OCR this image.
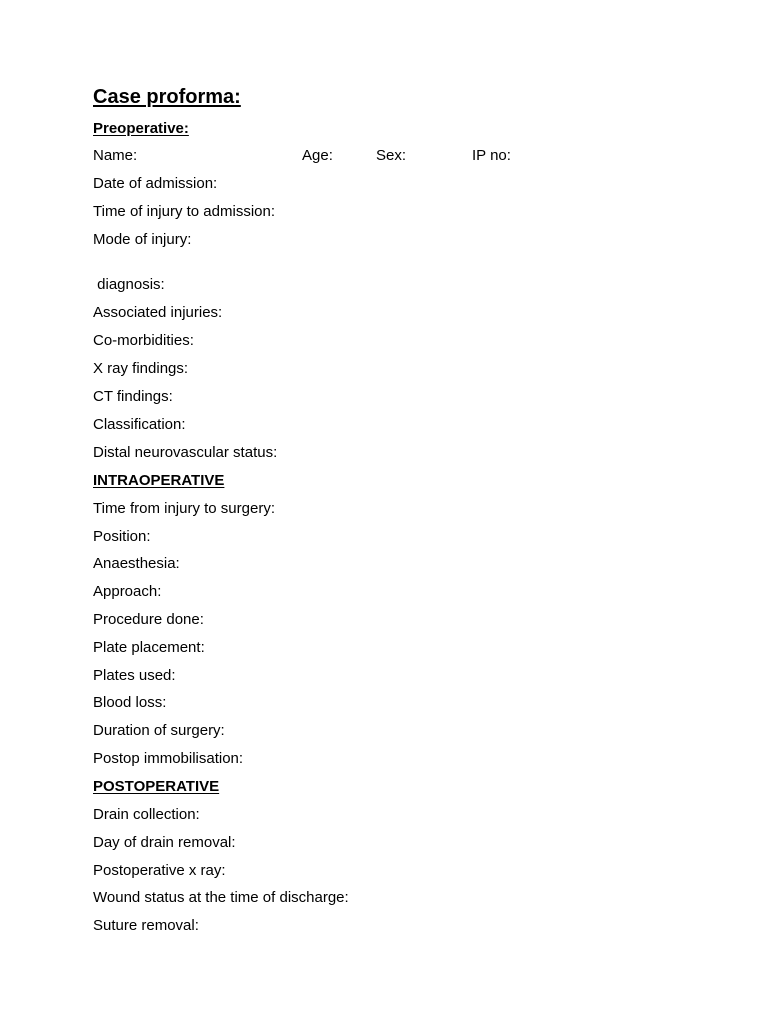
Case proforma:
Preoperative:
Name:	Age:	Sex:	IP no:
Date of admission:
Time of injury to admission:
Mode of injury:
diagnosis:
Associated injuries:
Co-morbidities:
X ray findings:
CT findings:
Classification:
Distal neurovascular status:
INTRAOPERATIVE
Time from injury to surgery:
Position:
Anaesthesia:
Approach:
Procedure done:
Plate placement:
Plates used:
Blood loss:
Duration of surgery:
Postop immobilisation:
POSTOPERATIVE
Drain collection:
Day of drain removal:
Postoperative x ray:
Wound status at the time of discharge:
Suture removal:
